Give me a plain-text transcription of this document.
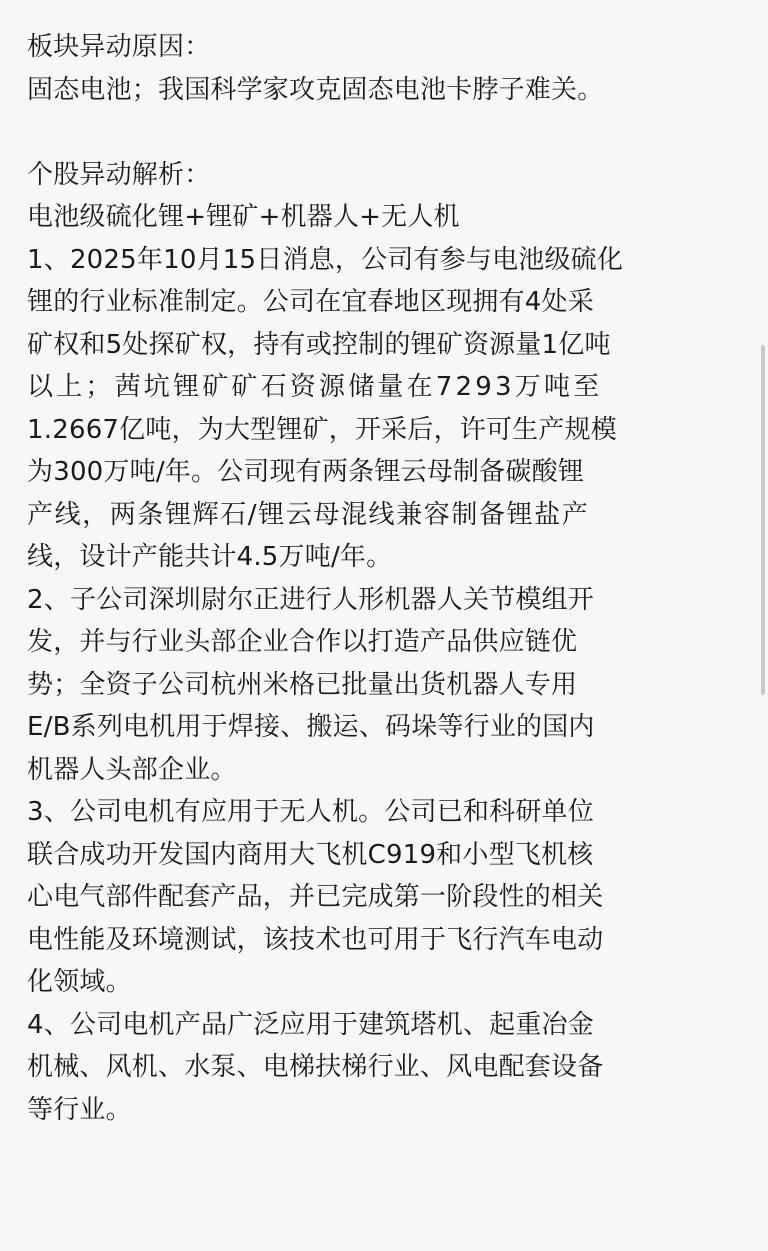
板块异动原因：
固态电池；我国科学家攻克固态电池卡脖子难关。
个股异动解析：
电池级硫化锂+锂矿+机器人+无人机
1、2025年10月15日消息，公司有参与电池级硫化
锂的行业标准制定。公司在宜春地区现拥有4处采
矿权和5处探矿权，持有或控制的锂矿资源量1亿吨
以上；茜坑锂矿矿石资源储量在7293万吨至
1.2667亿吨，为大型锂矿，开采后，许可生产规模
为300万吨/年。公司现有两条锂云母制备碳酸锂
产线，两条锂辉石/锂云母混线兼容制备锂盐产
线，设计产能共计4.5万吨/年。
2、子公司深圳尉尔正进行人形机器人关节模组开
发，并与行业头部企业合作以打造产品供应链优
势；全资子公司杭州米格已批量出货机器人专用
E/B系列电机用于焊接、搬运、码垛等行业的国内
机器人头部企业。
3、公司电机有应用于无人机。公司已和科研单位
联合成功开发国内商用大飞机C919和小型飞机核
心电气部件配套产品，并已完成第一阶段性的相关
电性能及环境测试，该技术也可用于飞行汽车电动
化领域。
4、公司电机产品广泛应用于建筑塔机、起重冶金
机械、风机、水泵、电梯扶梯行业、风电配套设备
等行业。
